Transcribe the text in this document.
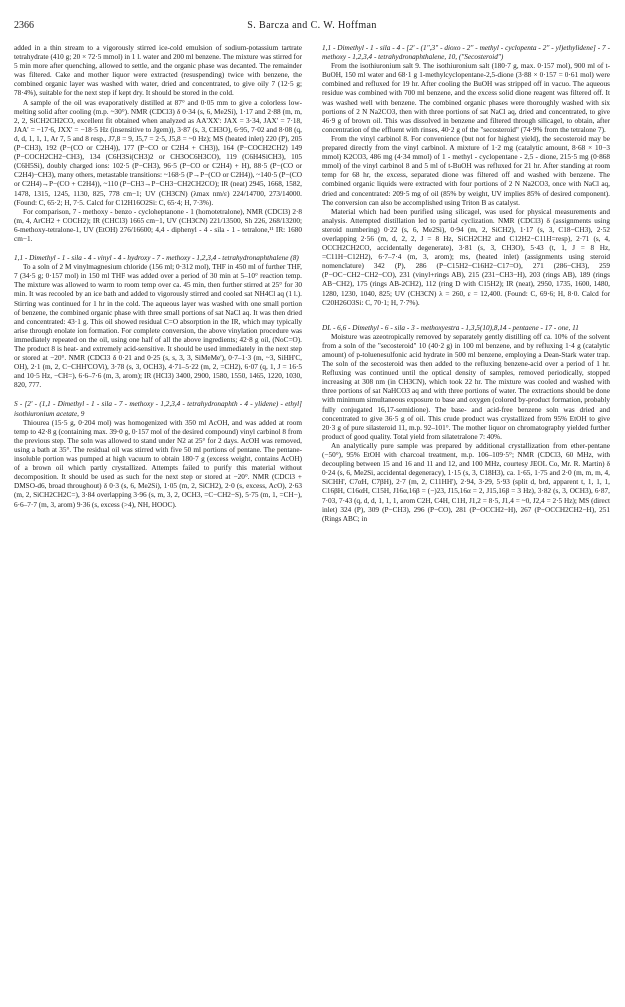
2366	S. Barcza and C. W. Hoffman

added in a thin stream to a vigorously stirred ice-cold emulsion of sodium-potassium tartrate tetrahydrate (410 g; 20 × 72·5 mmol) in 1 l. water and 200 ml benzene. The mixture was stirred for 5 min more after quenching, allowed to settle, and the organic phase was decanted. The remainder was filtered. Cake and mother liquor were extracted (resuspending) twice with benzene, the combined organic layer was washed with water, dried and concentrated, to give oily 7 (12·5 g; 78·4%), suitable for the next step if kept dry. It should be stored in the cold.

A sample of the oil was evaporatively distilled at 87° and 0·05 mm to give a colorless low-melting solid after cooling (m.p. ~30°). NMR (CDCl3) δ 0·34 (s, 6, Me2Si), 1·17 and 2·88 (m, m, 2, 2, SiCH2CH2CO, excellent fit obtained when analyzed as AA'XX': JAX = 3·34, JAX' = 7·18, JAA' = −17·6, JXX' = −18·5 Hz (insensitive to Jgem)), 3·87 (s, 3, CH3O), 6·95, 7·02 and 8·08 (q, d, d, 1, 1, 1, Ar 7, 5 and 8 resp., J7,8 = 9, J5,7 = 2·5, J5,8 = ~0 Hz); MS (heated inlet) 220 (P), 205 (P−CH3), 192 (P−(CO or C2H4)), 177 (P−CO or C2H4 + CH3)), 164 (P−COCH2CH2) 149 (P−COCH2CH2−CH3), 134 (C6H3Si(CH3)2 or CH3OC6H3CO), 119 (C6H4SiCH3), 105 (C6H5Si), doubly charged ions: 102·5 (P−CH3), 96·5 (P−CO or C2H4) + H), 88·5 (P−(CO or C2H4)−CH3), many others, metastable transitions: ~168·5 (P→P−(CO or C2H4)), ~140·5 (P−(CO or C2H4)→P−(CO + C2H4)), ~110 (P−CH3→P−CH3−CH2CH2CO); IR (neat) 2945, 1668, 1582, 1478, 1315, 1245, 1130, 825, 778 cm−1; UV (CH3CN) (λmax nm/ε) 224/14700, 273/14000. (Found: C, 65·2; H, 7·5. Calcd for C12H16O2Si: C, 65·4; H, 7·3%).

For comparison, 7 - methoxy - benzo - cycloheptanone - 1 (homotetralone), NMR (CDCl3) 2·8 (m, 4, ArCH2 + COCH2); IR (CHCl3) 1665 cm−1, UV (CH3CN) 221/13500, Sh 226, 268/13200; 6-methoxy-tetralone-1, UV (EtOH) 276/16600; 4,4 - diphenyl - 4 - sila - 1 - tetralone,¹¹ IR: 1680 cm−1.

1,1 - Dimethyl - 1 - sila - 4 - vinyl - 4 - hydroxy - 7 - methoxy - 1,2,3,4 - tetrahydronaphthalene (8)

To a soln of 2 M vinylmagnesium chloride (156 ml; 0·312 mol), THF in 450 ml of further THF, 7 (34·5 g; 0·157 mol) in 150 ml THF was added over a period of 30 min at 5–10° reaction temp. The mixture was allowed to warm to room temp over ca. 45 min, then further stirred at 25° for 30 min. It was recooled by an ice bath and added to vigorously stirred and cooled sat NH4Cl aq (1 l.). Stirring was continued for 1 hr in the cold. The aqueous layer was washed with one small portion of benzene, the combined organic phase with three small portions of sat NaCl aq. It was then dried and concentrated: 43·1 g. This oil showed residual C=O absorption in the IR, which may typically arise through enolate ion formation. For complete conversion, the above vinylation procedure was immediately repeated on the oil, using one half of all the above ingredients; 42·8 g oil, (NoC=O). The product 8 is heat- and extremely acid-sensitive. It should be used immediately in the next step or stored at −20°. NMR (CDCl3 δ 0·21 and 0·25 (s, s, 3, 3, SiMeMe'), 0·7–1·3 (m, ~3, SiHH'C, OH), 2·1 (m, 2, C−CHH'COVi), 3·78 (s, 3, OCH3), 4·71–5·22 (m, 2, =CH2), 6·07 (q, 1, J = 16·5 and 10·5 Hz, −CH=), 6·6–7·6 (m, 3, arom); IR (HCl3) 3400, 2900, 1580, 1550, 1465, 1220, 1030, 820, 777.

S - [2' - (1,1 - Dimethyl - 1 - sila - 7 - methoxy - 1,2,3,4 - tetrahydronaphth - 4 - ylidene) - ethyl] isothiuronium acetate, 9

Thiourea (15·5 g, 0·204 mol) was homogenized with 350 ml AcOH, and was added at room temp to 42·8 g (containing max. 39·0 g, 0·157 mol of the desired compound) vinyl carbinol 8 from the previous step. The soln was allowed to stand under N2 at 25° for 2 days. AcOH was removed, using a bath at 35°. The residual oil was stirred with five 50 ml portions of pentane. The pentane-insoluble portion was pumped at high vacuum to obtain 180·7 g (excess weight, contains AcOH) of a brown oil which partly crystallized. Attempts failed to purify this material without decomposition. It should be used as such for the next step or stored at −20°. NMR (CDCl3 + DMSO-d6, broad throughout) δ 0·3 (s, 6, Me2Si), 1·05 (m, 2, SiCH2), 2·0 (s, excess, AcO), 2·63 (m, 2, SiCH2CH2C=), 3·84 overlapping 3·96 (s, m, 3, 2, OCH3, =C−CH2−S), 5·75 (m, 1, =CH−), 6·6–7·7 (m, 3, arom) 9·36 (s, excess (>4), NH, HOOC).

1,1 - Dimethyl - 1 - sila - 4 - [2' - (1",3" - dioxo - 2" - methyl - cyclopenta - 2" - yl)ethylidene] - 7 - methoxy - 1,2,3,4 - tetrahydronaphthalene, 10, ("Secosteroid")

From the isothiuronium salt 9. The isothiuronium salt (180·7 g, max. 0·157 mol), 900 ml of t-BuOH, 150 ml water and 68·1 g 1-methylcyclopentane-2,5-dione (3·88 × 0·157 = 0·61 mol) were combined and refluxed for 19 hr. After cooling the BuOH was stripped off in vacuo. The aqueous residue was combined with 700 ml benzene, and the excess solid dione reagent was filtered off. It was washed well with benzene. The combined organic phases were thoroughly washed with six portions of 2 N Na2CO3, then with three portions of sat NaCl aq, dried and concentrated, to give 46·9 g of brown oil. This was dissolved in benzene and filtered through silicagel, to obtain, after concentration of the effluent with rinses, 40·2 g of the "secosteroid" (74·9% from the tetralone 7).

From the vinyl carbinol 8. For convenience (but not for highest yield), the secosteroid may be prepared directly from the vinyl carbinol. A mixture of 1·2 mg (catalytic amount, 8·68 × 10−3 mmol) K2CO3, 486 mg (4·34 mmol) of 1 - methyl - cyclopentane - 2,5 - dione, 215·5 mg (0·868 mmol) of the vinyl carbinol 8 and 5 ml of t-BuOH was refluxed for 21 hr. After standing at room temp for 68 hr, the excess, separated dione was filtered off and washed with benzene. The combined organic liquids were extracted with four portions of 2 N Na2CO3, once with NaCl aq, dried and concentrated: 209·5 mg of oil (85% by weight, UV implies 85% of desired component). The conversion can also be accomplished using Triton B as catalyst.

Material which had been purified using silicagel, was used for physical measurements and analysis. Attempted distillation led to partial cyclization. NMR (CDCl3) δ (assignments using steroid numbering) 0·22 (s, 6, Me2Si), 0·94 (m, 2, SiCH2), 1·17 (s, 3, C18−CH3), 2·52 overlapping 2·56 (m, d, 2, 2, J = 8 Hz, SiCH2CH2 and C12H2−C11H=resp), 2·71 (s, 4, OCCH2CH2CO, accidentally degenerate), 3·81 (s, 3, CH3O), 5·43 (t, 1, J = 8 Hz, =C11H−C12H2), 6·7–7·4 (m, 3, arom); ms, (heated inlet) (assignments using steroid nomenclature) 342 (P), 286 (P−C15H2−C16H2−C17=O), 271 (286−CH3), 259 (P−OC−CH2−CH2−CO), 231 (vinyl+rings AB), 215 (231−CH3−H), 203 (rings AB), 189 (rings AB−CH2), 175 (rings AB-2CH2), 112 (ring D with C15H2); IR (neat), 2950, 1735, 1600, 1480, 1280, 1230, 1040, 825; UV (CH3CN) λ = 260, ε = 12,400. (Found: C, 69·6; H, 8·0. Calcd for C20H26O3Si: C, 70·1; H, 7·7%).

DL - 6,6 - Dimethyl - 6 - sila - 3 - methoxyestra - 1,3,5(10),8,14 - pentaene - 17 - one, 11

Moisture was azeotropically removed by separately gently distilling off ca. 10% of the solvent from a soln of the "secosteroid" 10 (40·2 g) in 100 ml benzene, and by refluxing 1·4 g (catalytic amount) of p-toluenesulfonic acid hydrate in 500 ml benzene, employing a Dean-Stark water trap. The soln of the secosteroid was then added to the refluxing benzene-acid over a period of 1 hr. Refluxing was continued until the optical density of samples, removed periodically, stopped increasing at 308 nm (in CH3CN), which took 22 hr. The mixture was cooled and washed with three portions of sat NaHCO3 aq and with three portions of water. The extractions should be done with minimum simultaneous exposure to base and oxygen (colored by-product formation, probably fully conjugated 16,17-semidione). The base- and acid-free benzene soln was dried and concentrated to give 36·5 g of oil. This crude product was crystallized from 95% EtOH to give 20·3 g of pure silasteroid 11, m.p. 92–101°. The mother liquor on chromatography yielded further product of good quality. Total yield from silatetralone 7: 40%.

An analytically pure sample was prepared by additional crystallization from ether-pentane (−50°), 95% EtOH with charcoal treatment, m.p. 106–109·5°; NMR (CDCl3, 60 MHz, with decoupling between 15 and 16 and 11 and 12, and 100 MHz, courtesy JEOL Co, Mr. R. Martin) δ 0·24 (s, 6, Me2Si, accidental degeneracy), 1·15 (s, 3, C18H3), ca. 1·65, 1·75 and 2·0 (m, m, m, 4, SiCHH', C7αH, C7βH), 2·7 (m, 2, C11HH'), 2·94, 3·29, 5·93 (split d, brd, apparent t, 1, 1, 1, C16βH, C16αH, C15H, J16α,16β = (−)23, J15,16α = 2, J15,16β = 3 Hz), 3·82 (s, 3, OCH3), 6·87, 7·03, 7·43 (q, d, d, 1, 1, 1, arom C2H, C4H, C1H, J1,2 = 8·5, J1,4 = ~0, J2,4 = 2·5 Hz); MS (direct inlet) 324 (P), 309 (P−CH3), 296 (P−CO), 281 (P−OCCH2−H), 267 (P−OCCH2CH2−H), 251 (Rings ABC; in
